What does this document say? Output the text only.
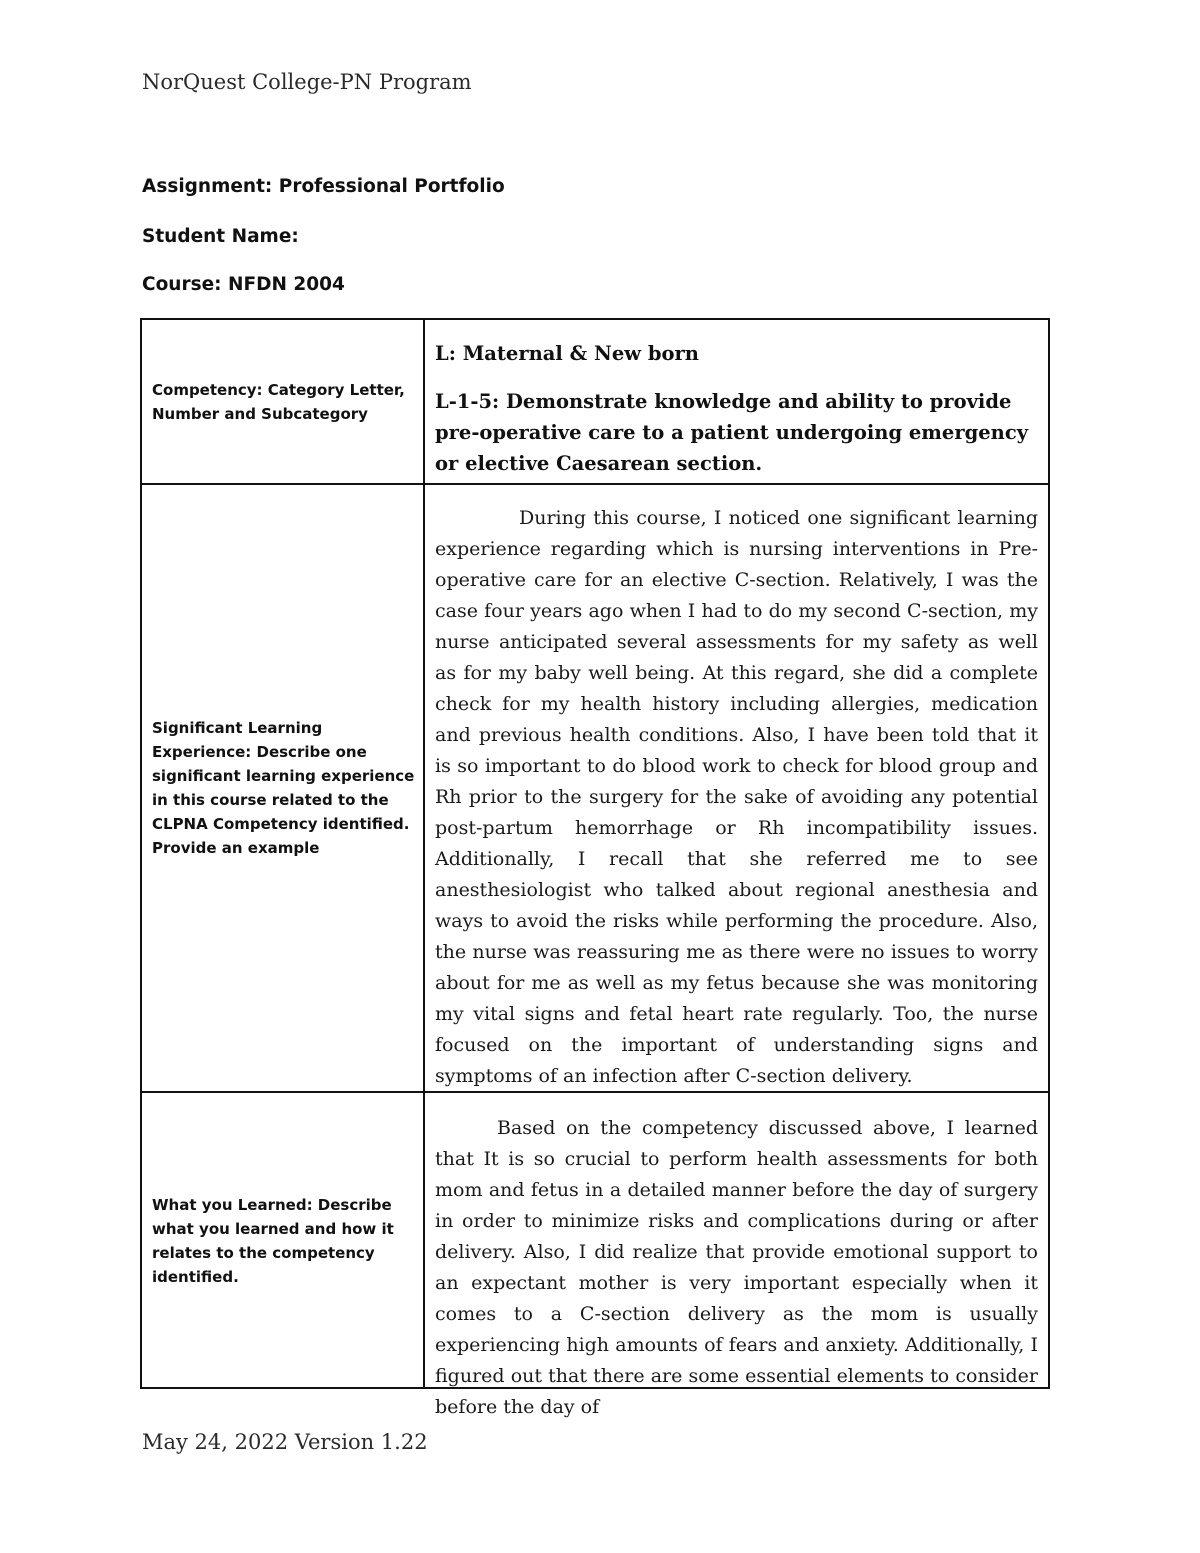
NorQuest College-PN Program
Assignment: Professional Portfolio
Student Name:
Course: NFDN 2004
Competency: Category Letter, Number and Subcategory	L: Maternal & New born

L-1-5: Demonstrate knowledge and ability to provide pre-operative care to a patient undergoing emergency or elective Caesarean section.

Significant Learning Experience: Describe one significant learning experience in this course related to the CLPNA Competency identified. Provide an example	During this course, I noticed one significant learning experience regarding which is nursing interventions in Pre-operative care for an elective C-section. Relatively, I was the case four years ago when I had to do my second C-section, my nurse anticipated several assessments for my safety as well as for my baby well being. At this regard, she did a complete check for my health history including allergies, medication and previous health conditions. Also, I have been told that it is so important to do blood work to check for blood group and Rh prior to the surgery for the sake of avoiding any potential post-partum hemorrhage or Rh incompatibility issues. Additionally, I recall that she referred me to see anesthesiologist who talked about regional anesthesia and ways to avoid the risks while performing the procedure. Also, the nurse was reassuring me as there were no issues to worry about for me as well as my fetus because she was monitoring my vital signs and fetal heart rate regularly. Too, the nurse focused on the important of understanding signs and symptoms of an infection after C-section delivery.

What you Learned: Describe what you learned and how it relates to the competency identified.	Based on the competency discussed above, I learned that It is so crucial to perform health assessments for both mom and fetus in a detailed manner before the day of surgery in order to minimize risks and complications during or after delivery. Also, I did realize that provide emotional support to an expectant mother is very important especially when it comes to a C-section delivery as the mom is usually experiencing high amounts of fears and anxiety. Additionally, I figured out that there are some essential elements to consider before the day of

May 24, 2022 Version 1.22
